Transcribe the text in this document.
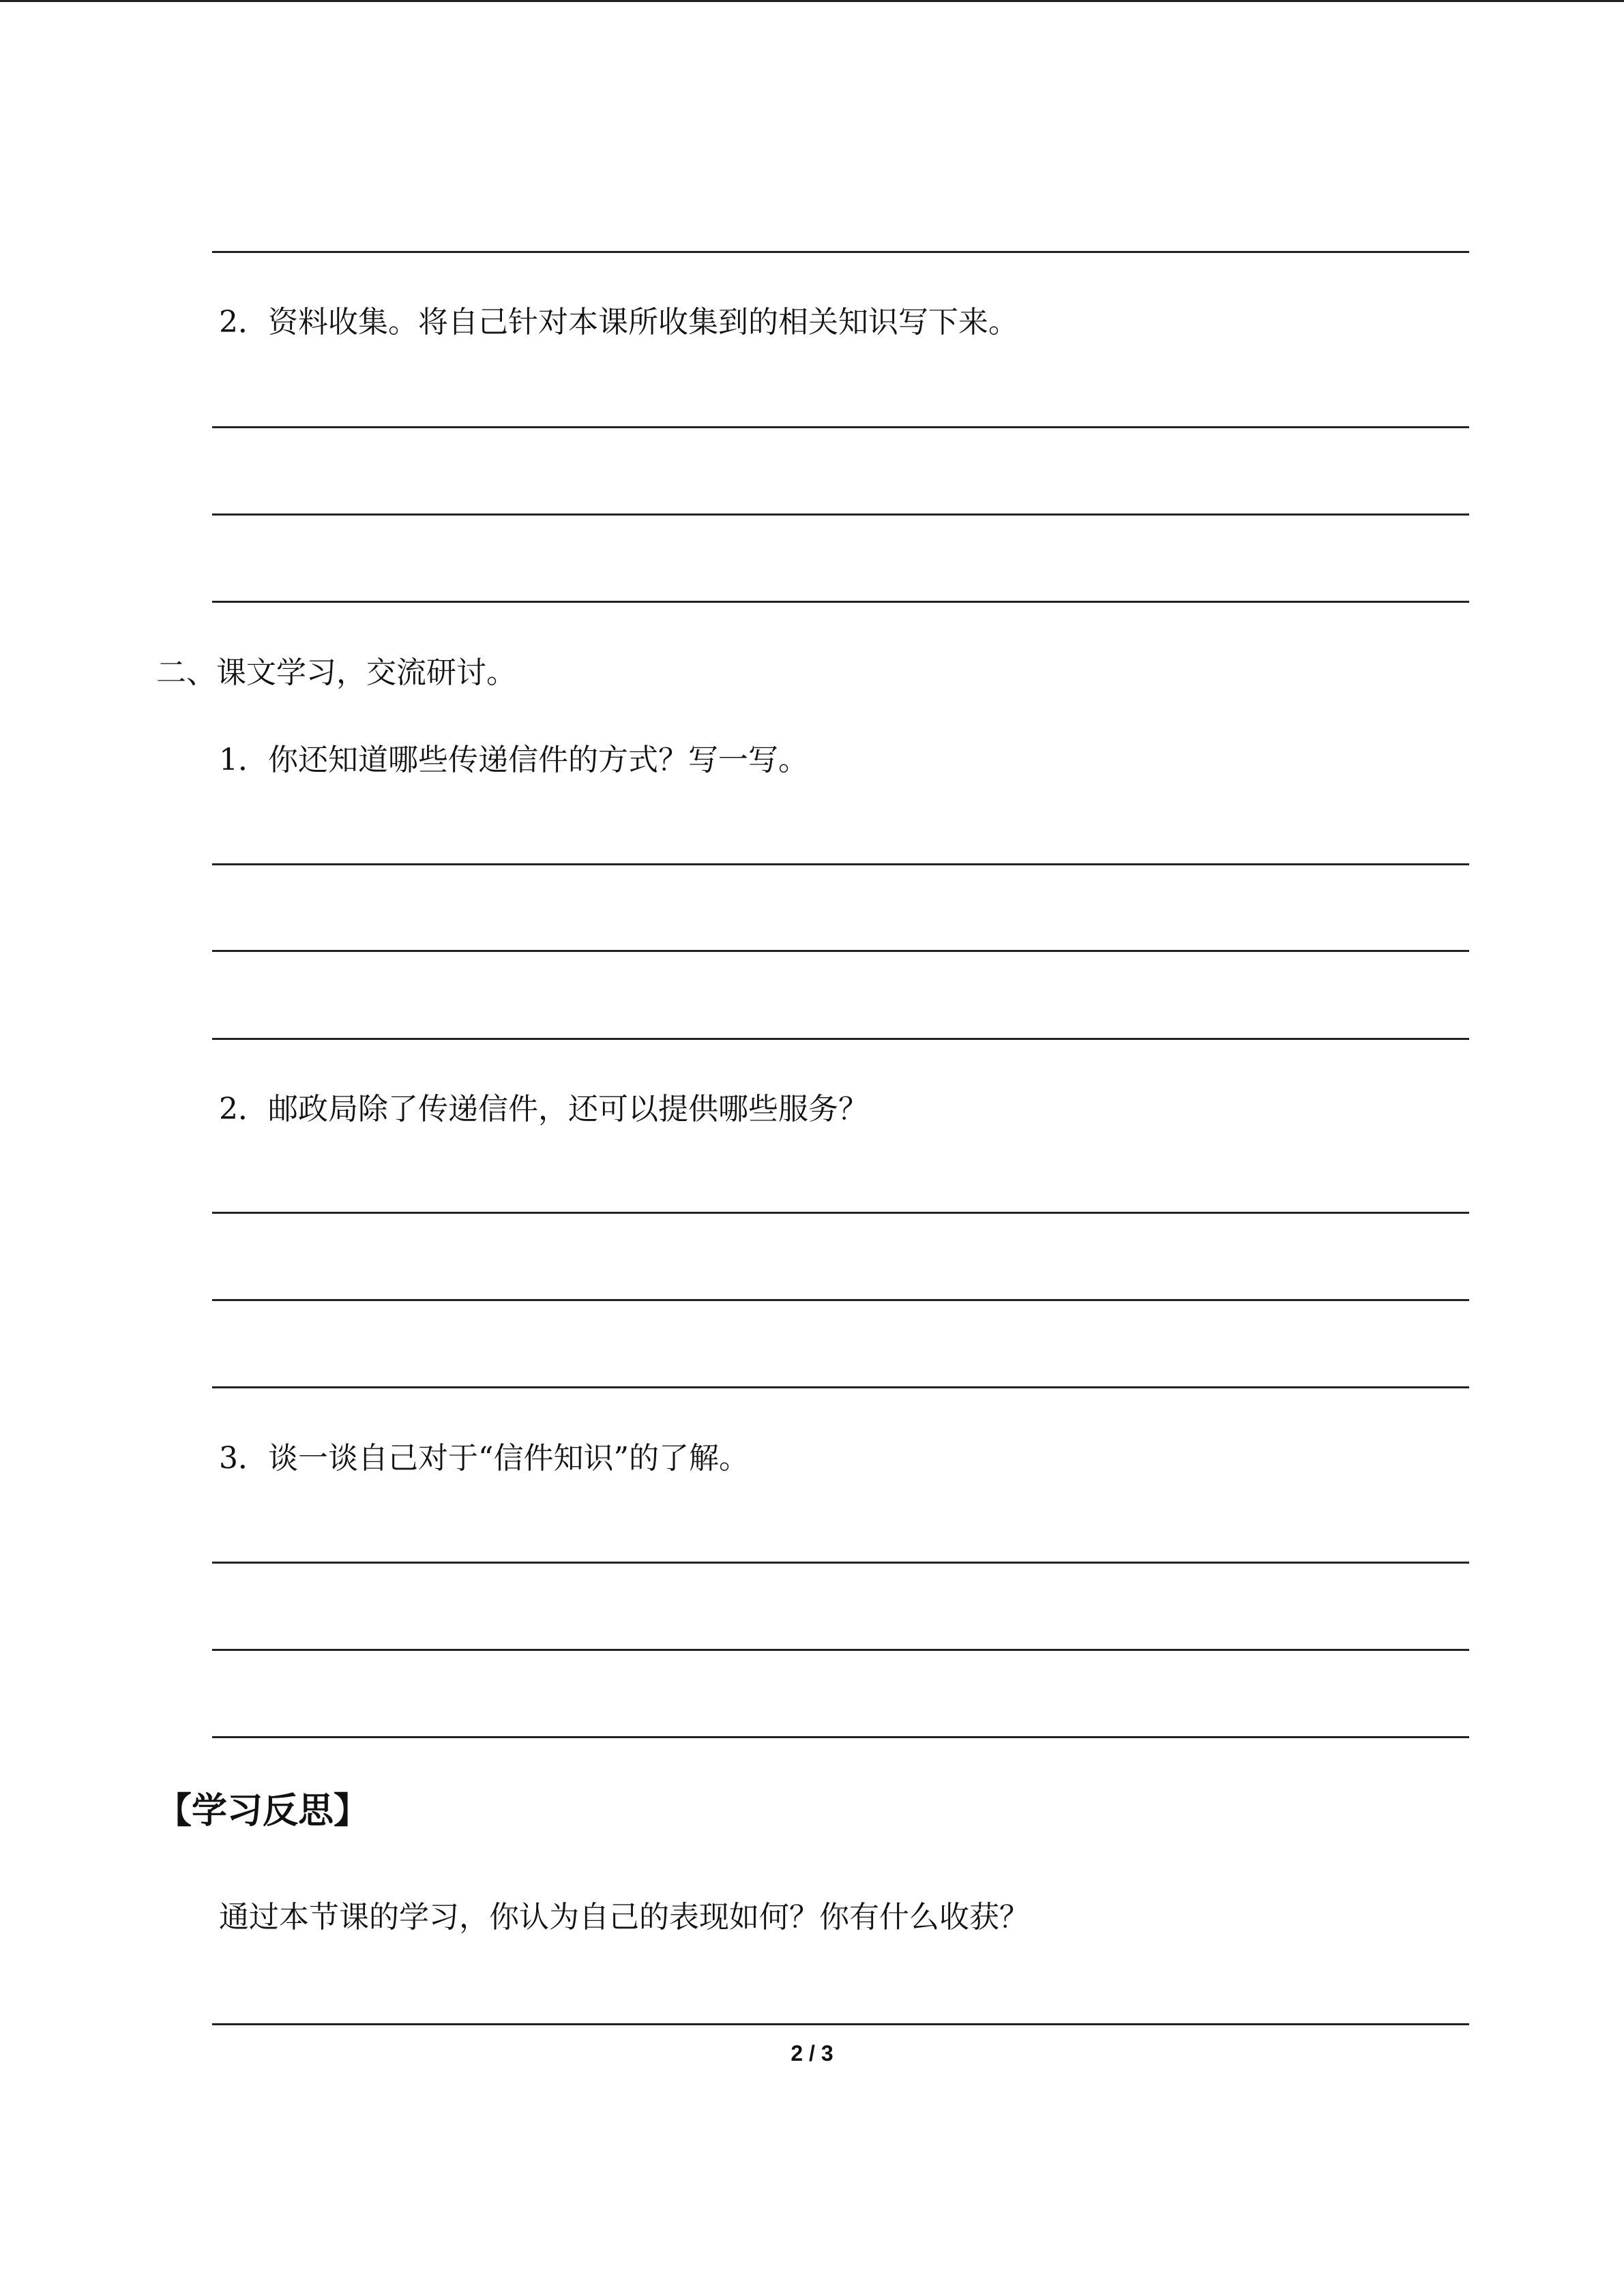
2．资料收集。将自己针对本课所收集到的相关知识写下来。
二、课文学习，交流研讨。
1．你还知道哪些传递信件的方式？写一写。
2．邮政局除了传递信件，还可以提供哪些服务？
3．谈一谈自己对于“信件知识”的了解。
【学习反思】
通过本节课的学习，你认为自己的表现如何？你有什么收获？
2 / 3
